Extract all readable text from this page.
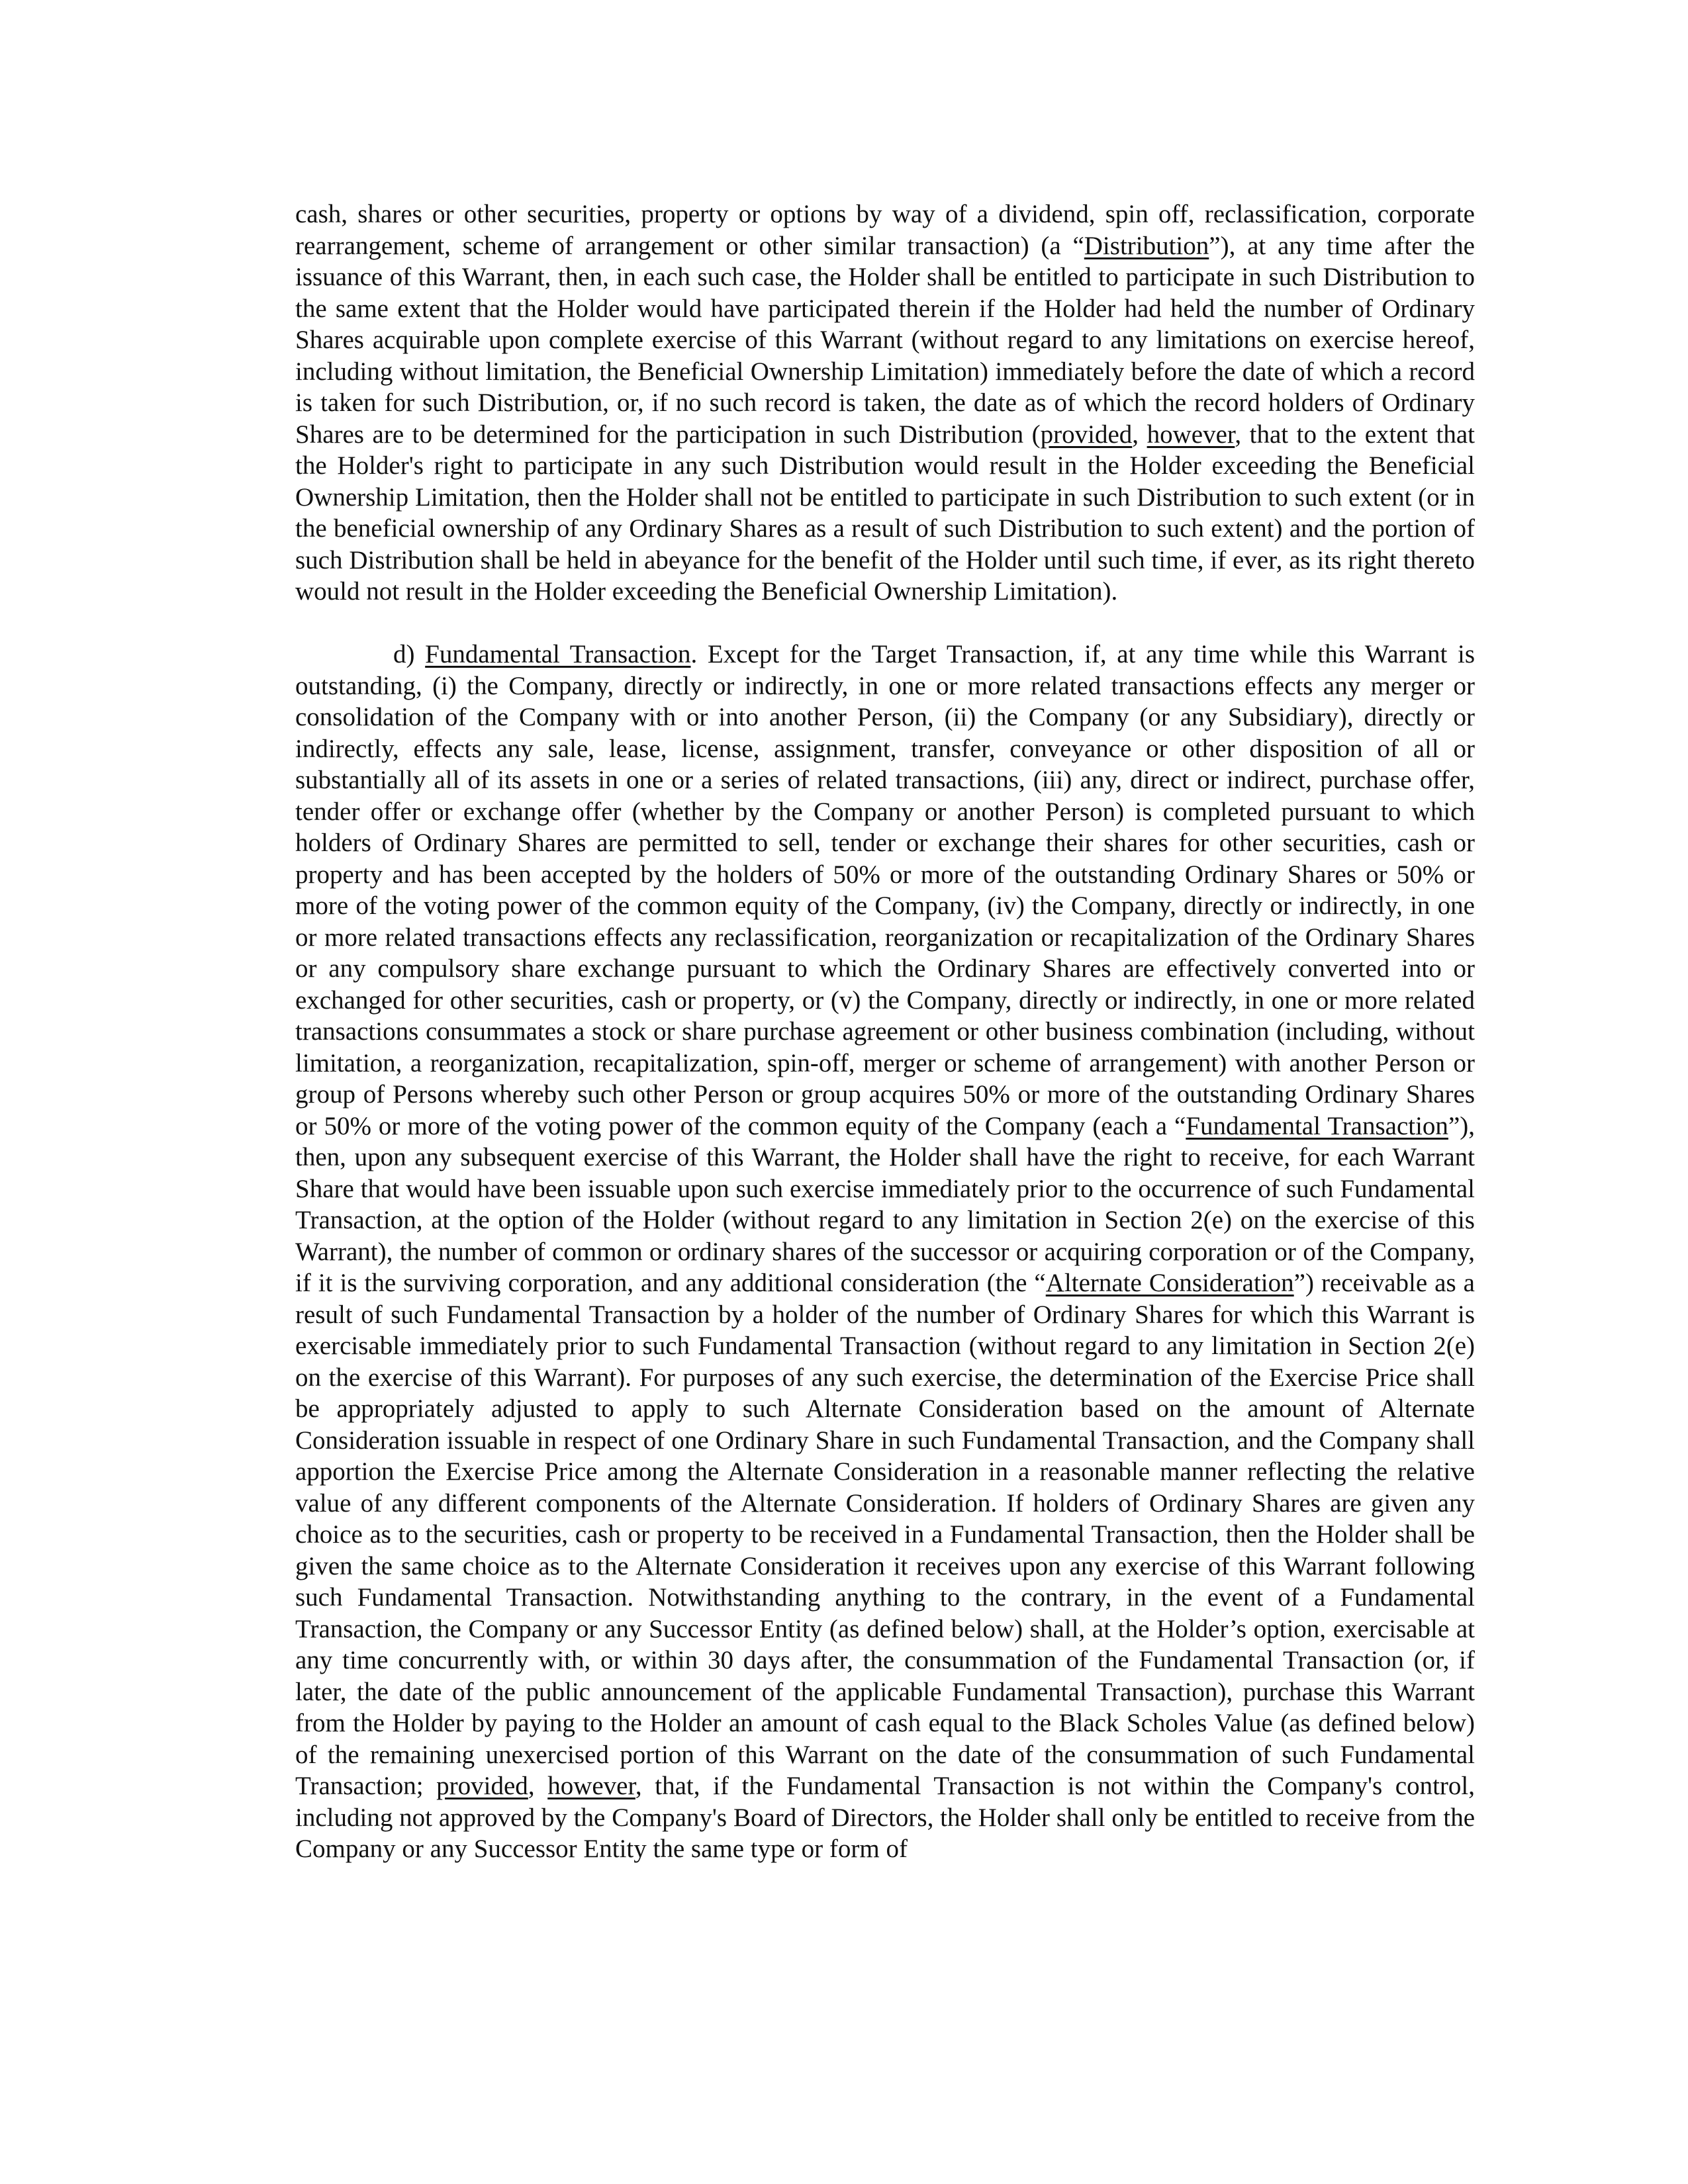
cash, shares or other securities, property or options by way of a dividend, spin off, reclassification, corporate rearrangement, scheme of arrangement or other similar transaction) (a “Distribution”), at any time after the issuance of this Warrant, then, in each such case, the Holder shall be entitled to participate in such Distribution to the same extent that the Holder would have participated therein if the Holder had held the number of Ordinary Shares acquirable upon complete exercise of this Warrant (without regard to any limitations on exercise hereof, including without limitation, the Beneficial Ownership Limitation) immediately before the date of which a record is taken for such Distribution, or, if no such record is taken, the date as of which the record holders of Ordinary Shares are to be determined for the participation in such Distribution (provided, however, that to the extent that the Holder's right to participate in any such Distribution would result in the Holder exceeding the Beneficial Ownership Limitation, then the Holder shall not be entitled to participate in such Distribution to such extent (or in the beneficial ownership of any Ordinary Shares as a result of such Distribution to such extent) and the portion of such Distribution shall be held in abeyance for the benefit of the Holder until such time, if ever, as its right thereto would not result in the Holder exceeding the Beneficial Ownership Limitation).

d) Fundamental Transaction. Except for the Target Transaction, if, at any time while this Warrant is outstanding, (i) the Company, directly or indirectly, in one or more related transactions effects any merger or consolidation of the Company with or into another Person, (ii) the Company (or any Subsidiary), directly or indirectly, effects any sale, lease, license, assignment, transfer, conveyance or other disposition of all or substantially all of its assets in one or a series of related transactions, (iii) any, direct or indirect, purchase offer, tender offer or exchange offer (whether by the Company or another Person) is completed pursuant to which holders of Ordinary Shares are permitted to sell, tender or exchange their shares for other securities, cash or property and has been accepted by the holders of 50% or more of the outstanding Ordinary Shares or 50% or more of the voting power of the common equity of the Company, (iv) the Company, directly or indirectly, in one or more related transactions effects any reclassification, reorganization or recapitalization of the Ordinary Shares or any compulsory share exchange pursuant to which the Ordinary Shares are effectively converted into or exchanged for other securities, cash or property, or (v) the Company, directly or indirectly, in one or more related transactions consummates a stock or share purchase agreement or other business combination (including, without limitation, a reorganization, recapitalization, spin-off, merger or scheme of arrangement) with another Person or group of Persons whereby such other Person or group acquires 50% or more of the outstanding Ordinary Shares or 50% or more of the voting power of the common equity of the Company (each a “Fundamental Transaction”), then, upon any subsequent exercise of this Warrant, the Holder shall have the right to receive, for each Warrant Share that would have been issuable upon such exercise immediately prior to the occurrence of such Fundamental Transaction, at the option of the Holder (without regard to any limitation in Section 2(e) on the exercise of this Warrant), the number of common or ordinary shares of the successor or acquiring corporation or of the Company, if it is the surviving corporation, and any additional consideration (the “Alternate Consideration”) receivable as a result of such Fundamental Transaction by a holder of the number of Ordinary Shares for which this Warrant is exercisable immediately prior to such Fundamental Transaction (without regard to any limitation in Section 2(e) on the exercise of this Warrant). For purposes of any such exercise, the determination of the Exercise Price shall be appropriately adjusted to apply to such Alternate Consideration based on the amount of Alternate Consideration issuable in respect of one Ordinary Share in such Fundamental Transaction, and the Company shall apportion the Exercise Price among the Alternate Consideration in a reasonable manner reflecting the relative value of any different components of the Alternate Consideration. If holders of Ordinary Shares are given any choice as to the securities, cash or property to be received in a Fundamental Transaction, then the Holder shall be given the same choice as to the Alternate Consideration it receives upon any exercise of this Warrant following such Fundamental Transaction. Notwithstanding anything to the contrary, in the event of a Fundamental Transaction, the Company or any Successor Entity (as defined below) shall, at the Holder’s option, exercisable at any time concurrently with, or within 30 days after, the consummation of the Fundamental Transaction (or, if later, the date of the public announcement of the applicable Fundamental Transaction), purchase this Warrant from the Holder by paying to the Holder an amount of cash equal to the Black Scholes Value (as defined below) of the remaining unexercised portion of this Warrant on the date of the consummation of such Fundamental Transaction; provided, however, that, if the Fundamental Transaction is not within the Company's control, including not approved by the Company's Board of Directors, the Holder shall only be entitled to receive from the Company or any Successor Entity the same type or form of
